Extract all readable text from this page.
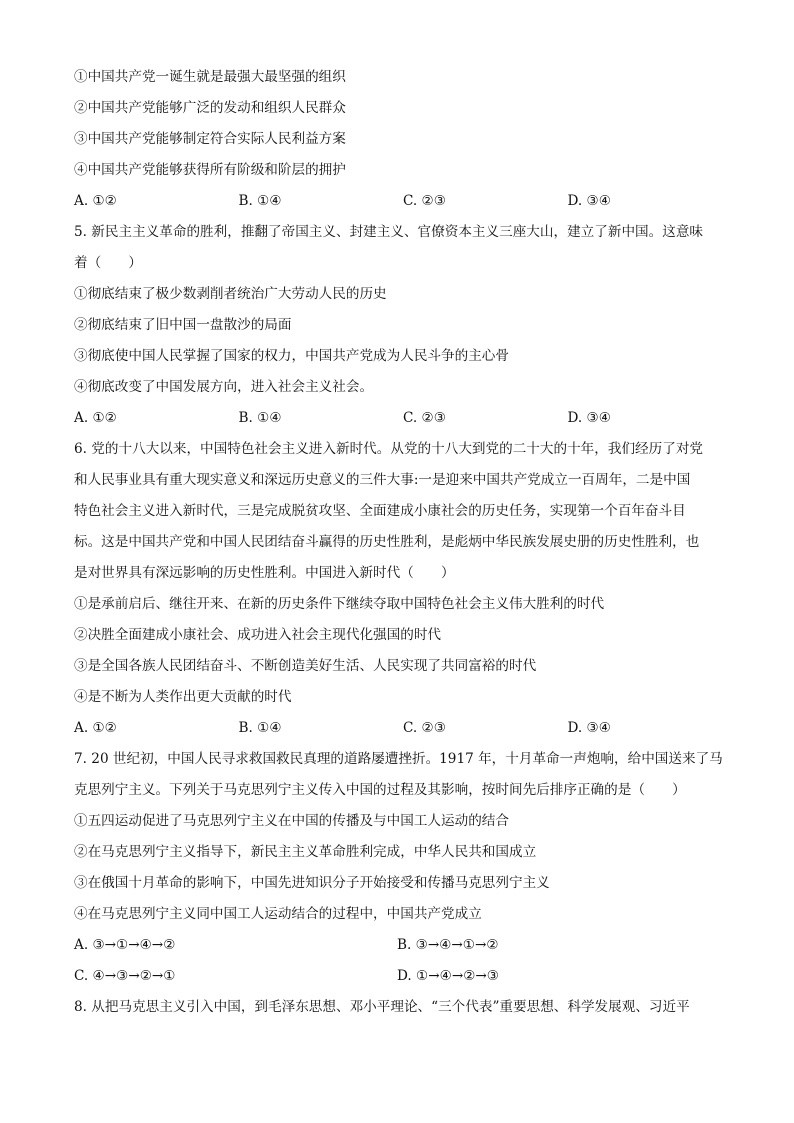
①中国共产党一诞生就是最强大最坚强的组织
②中国共产党能够广泛的发动和组织人民群众
③中国共产党能够制定符合实际人民利益方案
④中国共产党能够获得所有阶级和阶层的拥护
A. ①②	B. ①④	C. ②③	D. ③④
5. 新民主主义革命的胜利，推翻了帝国主义、封建主义、官僚资本主义三座大山，建立了新中国。这意味
着（　　）
①彻底结束了极少数剥削者统治广大劳动人民的历史
②彻底结束了旧中国一盘散沙的局面
③彻底使中国人民掌握了国家的权力，中国共产党成为人民斗争的主心骨
④彻底改变了中国发展方向，进入社会主义社会。
A. ①②	B. ①④	C. ②③	D. ③④
6. 党的十八大以来，中国特色社会主义进入新时代。从党的十八大到党的二十大的十年，我们经历了对党
和人民事业具有重大现实意义和深远历史意义的三件大事:一是迎来中国共产党成立一百周年，二是中国
特色社会主义进入新时代，三是完成脱贫攻坚、全面建成小康社会的历史任务，实现第一个百年奋斗目
标。这是中国共产党和中国人民团结奋斗赢得的历史性胜利，是彪炳中华民族发展史册的历史性胜利，也
是对世界具有深远影响的历史性胜利。中国进入新时代（　　）
①是承前启后、继往开来、在新的历史条件下继续夺取中国特色社会主义伟大胜利的时代
②决胜全面建成小康社会、成功进入社会主现代化强国的时代
③是全国各族人民团结奋斗、不断创造美好生活、人民实现了共同富裕的时代
④是不断为人类作出更大贡献的时代
A. ①②	B. ①④	C. ②③	D. ③④
7. 20 世纪初，中国人民寻求救国救民真理的道路屡遭挫折。1917 年，十月革命一声炮响，给中国送来了马
克思列宁主义。下列关于马克思列宁主义传入中国的过程及其影响，按时间先后排序正确的是（　　）
①五四运动促进了马克思列宁主义在中国的传播及与中国工人运动的结合
②在马克思列宁主义指导下，新民主主义革命胜利完成，中华人民共和国成立
③在俄国十月革命的影响下，中国先进知识分子开始接受和传播马克思列宁主义
④在马克思列宁主义同中国工人运动结合的过程中，中国共产党成立
A. ③→①→④→②	B. ③→④→①→②
C. ④→③→②→①	D. ①→④→②→③
8. 从把马克思主义引入中国，到毛泽东思想、邓小平理论、“三个代表”重要思想、科学发展观、习近平
